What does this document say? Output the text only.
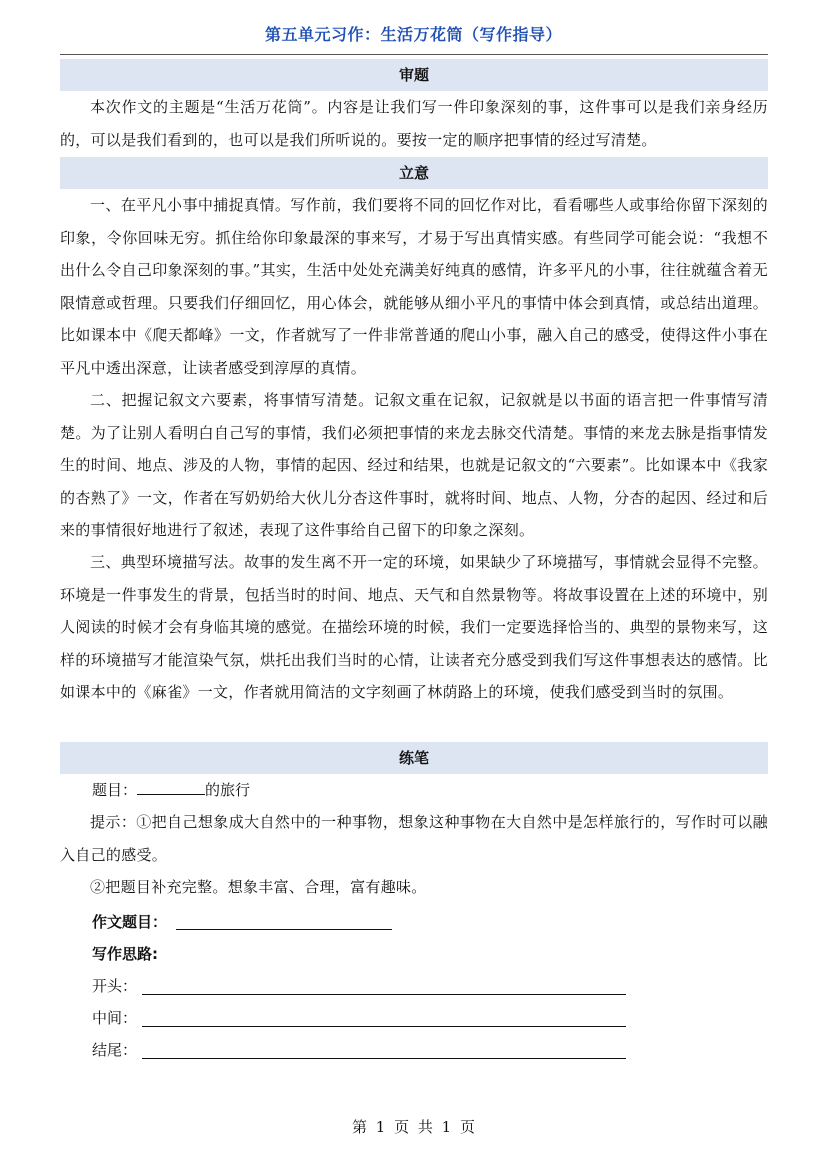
第五单元习作：生活万花筒（写作指导）
审题
本次作文的主题是“生活万花筒”。内容是让我们写一件印象深刻的事，这件事可以是我们亲身经历的，可以是我们看到的，也可以是我们所听说的。要按一定的顺序把事情的经过写清楚。
立意
一、在平凡小事中捕捉真情。写作前，我们要将不同的回忆作对比，看看哪些人或事给你留下深刻的印象，令你回味无穷。抓住给你印象最深的事来写，才易于写出真情实感。有些同学可能会说：“我想不出什么令自己印象深刻的事。”其实，生活中处处充满美好纯真的感情，许多平凡的小事，往往就蕴含着无限情意或哲理。只要我们仔细回忆，用心体会，就能够从细小平凡的事情中体会到真情，或总结出道理。比如课本中《爬天都峰》一文，作者就写了一件非常普通的爬山小事，融入自己的感受，使得这件小事在平凡中透出深意，让读者感受到淳厚的真情。
二、把握记叙文六要素，将事情写清楚。记叙文重在记叙，记叙就是以书面的语言把一件事情写清楚。为了让别人看明白自己写的事情，我们必须把事情的来龙去脉交代清楚。事情的来龙去脉是指事情发生的时间、地点、涉及的人物，事情的起因、经过和结果，也就是记叙文的“六要素”。比如课本中《我家的杏熟了》一文，作者在写奶奶给大伙儿分杏这件事时，就将时间、地点、人物，分杏的起因、经过和后来的事情很好地进行了叙述，表现了这件事给自己留下的印象之深刻。
三、典型环境描写法。故事的发生离不开一定的环境，如果缺少了环境描写，事情就会显得不完整。环境是一件事发生的背景，包括当时的时间、地点、天气和自然景物等。将故事设置在上述的环境中，别人阅读的时候才会有身临其境的感觉。在描绘环境的时候，我们一定要选择恰当的、典型的景物来写，这样的环境描写才能渲染气氛，烘托出我们当时的心情，让读者充分感受到我们写这件事想表达的感情。比如课本中的《麻雀》一文，作者就用简洁的文字刻画了林荫路上的环境，使我们感受到当时的氛围。
练笔
题目：	的旅行
提示：①把自己想象成大自然中的一种事物，想象这种事物在大自然中是怎样旅行的，写作时可以融入自己的感受。
②把题目补充完整。想象丰富、合理，富有趣味。
作文题目：
写作思路:
开头：
中间：
结尾：
第 1 页 共 1 页
